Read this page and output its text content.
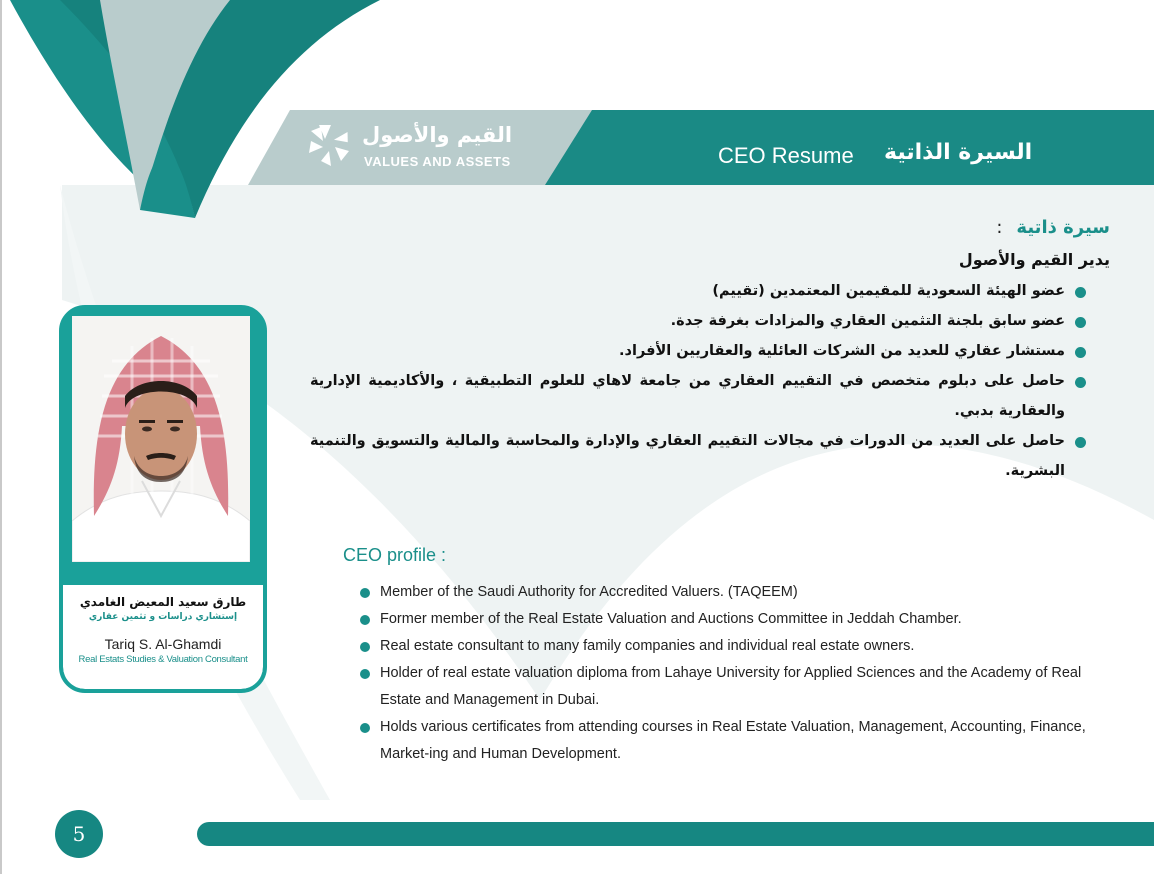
القيم والأصول
VALUES AND ASSETS	CEO Resume السيرة الذاتية
سيرة ذاتية:
يدير القيم والأصول
عضو الهيئة السعودية للمقيمين المعتمدين (تقييم)
عضو سابق بلجنة التثمين العقاري والمزادات بغرفة جدة.
مستشار عقاري للعديد من الشركات العائلية والعقاريين الأفراد.
حاصل على دبلوم متخصص في التقييم العقاري من جامعة لاهاي للعلوم التطبيقية ، والأكاديمية الإدارية والعقارية بدبي.
حاصل على العديد من الدورات في مجالات التقييم العقاري والإدارة والمحاسبة والمالية والتسويق والتنمية البشرية.
CEO profile :
Member of the Saudi Authority for Accredited Valuers. (TAQEEM)
Former member of the Real Estate Valuation and Auctions Committee in Jeddah Chamber.
Real estate consultant to many family companies and individual real estate owners.
Holder of real estate valuation diploma from Lahaye University for Applied Sciences and the Academy of Real Estate and Management in Dubai.
Holds various certificates from attending courses in Real Estate Valuation, Management, Accounting, Finance, Market-ing and Human Development.
طارق سعيد المعيض الغامدي
إستشاري دراسات و تثمين عقاري
Tariq S. Al-Ghamdi
Real Estats Studies & Valuation Consultant
5
